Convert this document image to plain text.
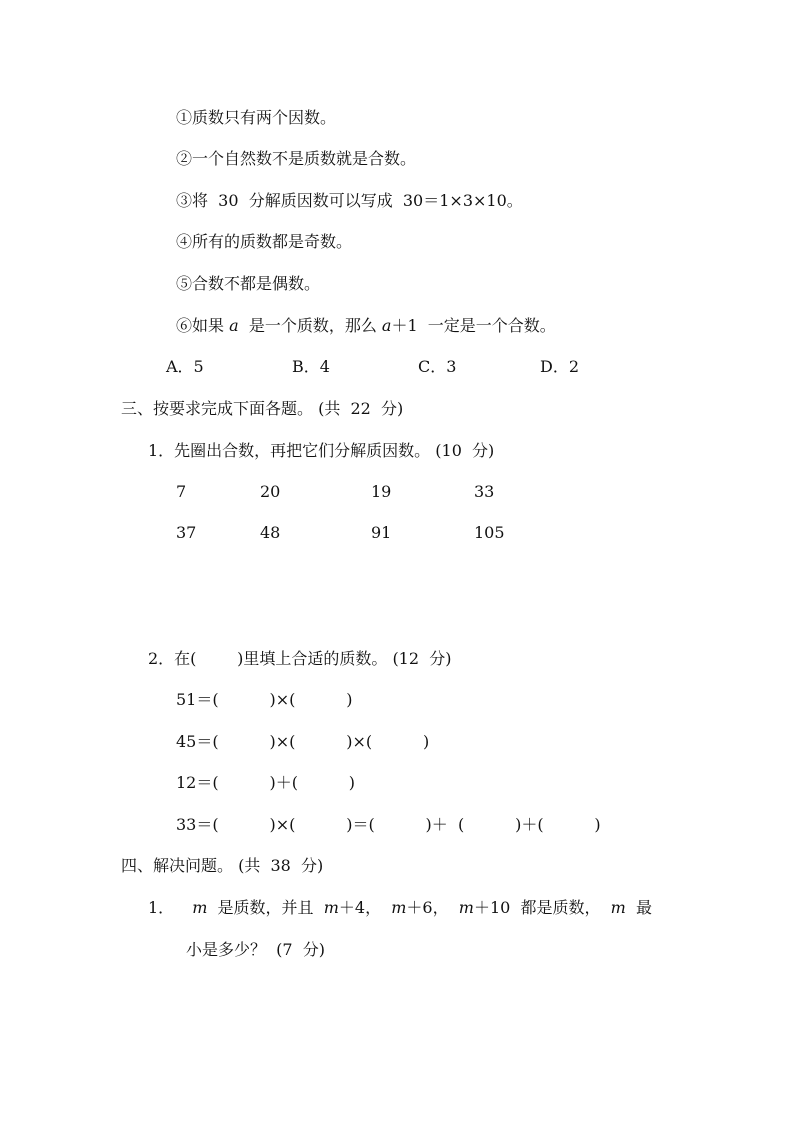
①质数只有两个因数。
②一个自然数不是质数就是合数。
③将  30  分解质因数可以写成  30＝1×3×10。
④所有的质数都是奇数。
⑤合数不都是偶数。
⑥如果 a  是一个质数，那么 a＋1  一定是一个合数。
A．5	B．4	C．3	D．2
三、按要求完成下面各题。 (共  22  分)
1．先圈出合数，再把它们分解质因数。 (10  分)
7	20	19	33
37	48	91	105
2．在(        )里填上合适的质数。 (12  分)
51＝(          )×(          )
45＝(          )×(          )×(          )
12＝(          )＋(          )
33＝(          )×(          )＝(          )＋  (          )＋(          )
四、解决问题。 (共  38  分)
1． m  是质数，并且  m＋4，  m＋6，  m＋10  都是质数，  m  最
小是多少？  (7  分)
